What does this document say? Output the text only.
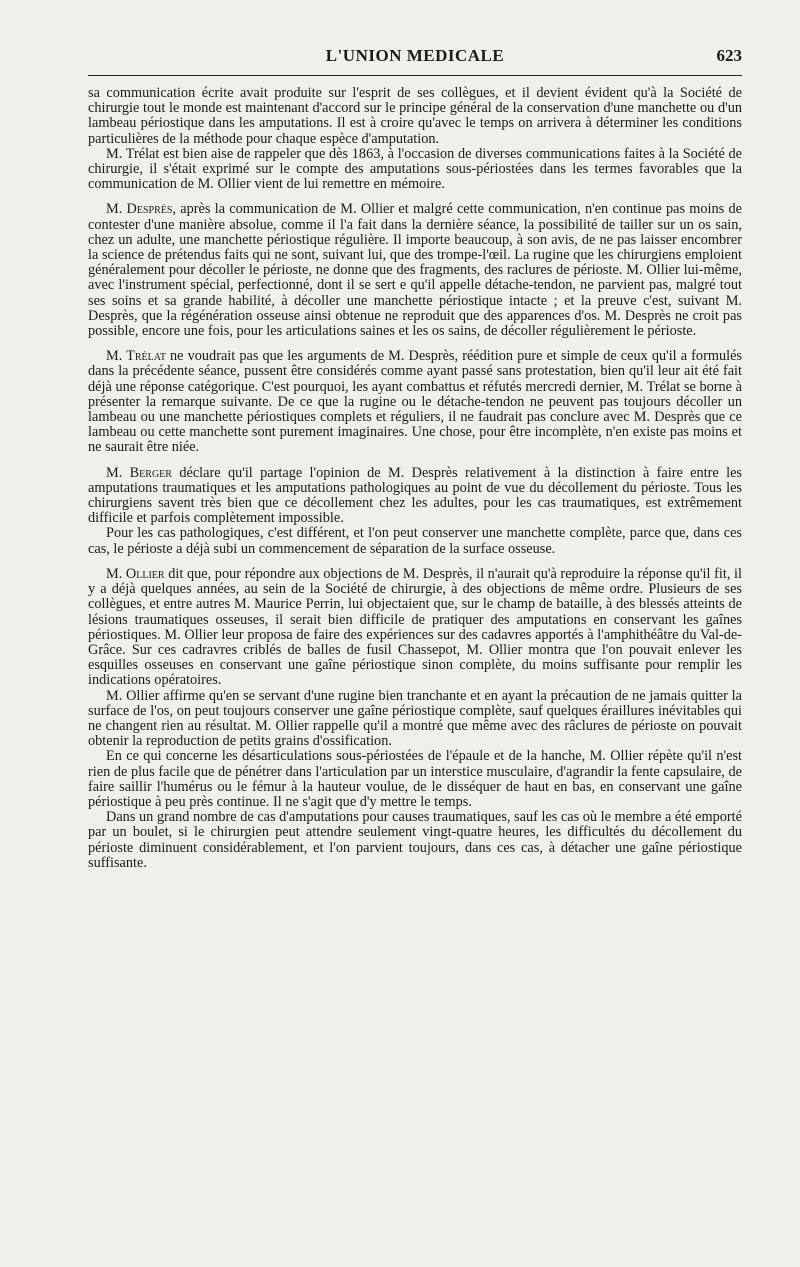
L'UNION MEDICALE	623

sa communication écrite avait produite sur l'esprit de ses collègues, et il devient évident qu'à la Société de chirurgie tout le monde est maintenant d'accord sur le principe général de la conservation d'une manchette ou d'un lambeau périostique dans les amputations. Il est à croire qu'avec le temps on arrivera à déterminer les conditions particulières de la méthode pour chaque espèce d'amputation.

M. Trélat est bien aise de rappeler que dès 1863, à l'occasion de diverses communications faites à la Société de chirurgie, il s'était exprimé sur le compte des amputations sous-périostées dans les termes favorables que la communication de M. Ollier vient de lui remettre en mémoire.

M. Desprès, après la communication de M. Ollier et malgré cette communication, n'en continue pas moins de contester d'une manière absolue, comme il l'a fait dans la dernière séance, la possibilité de tailler sur un os sain, chez un adulte, une manchette périostique régulière. Il importe beaucoup, à son avis, de ne pas laisser encombrer la science de prétendus faits qui ne sont, suivant lui, que des trompe-l'œil. La rugine que les chirurgiens emploient généralement pour décoller le périoste, ne donne que des fragments, des raclures de périoste. M. Ollier lui-même, avec l'instrument spécial, perfectionné, dont il se sert e qu'il appelle détache-tendon, ne parvient pas, malgré tout ses soins et sa grande habilité, à décoller une manchette périostique intacte ; et la preuve c'est, suivant M. Desprès, que la régénération osseuse ainsi obtenue ne reproduit que des apparences d'os. M. Desprès ne croit pas possible, encore une fois, pour les articulations saines et les os sains, de décoller régulièrement le périoste.

M. Trélat ne voudrait pas que les arguments de M. Desprès, réédition pure et simple de ceux qu'il a formulés dans la précédente séance, pussent être considérés comme ayant passé sans protestation, bien qu'il leur ait été fait déjà une réponse catégorique. C'est pourquoi, les ayant combattus et réfutés mercredi dernier, M. Trélat se borne à présenter la remarque suivante. De ce que la rugine ou le détache-tendon ne peuvent pas toujours décoller un lambeau ou une manchette périostiques complets et réguliers, il ne faudrait pas conclure avec M. Desprès que ce lambeau ou cette manchette sont purement imaginaires. Une chose, pour être incomplète, n'en existe pas moins et ne saurait être niée.

M. Berger déclare qu'il partage l'opinion de M. Desprès relativement à la distinction à faire entre les amputations traumatiques et les amputations pathologiques au point de vue du décollement du périoste. Tous les chirurgiens savent très bien que ce décollement chez les adultes, pour les cas traumatiques, est extrêmement difficile et parfois complètement impossible.

Pour les cas pathologiques, c'est différent, et l'on peut conserver une manchette complète, parce que, dans ces cas, le périoste a déjà subi un commencement de séparation de la surface osseuse.

M. Ollier dit que, pour répondre aux objections de M. Desprès, il n'aurait qu'à reproduire la réponse qu'il fit, il y a déjà quelques années, au sein de la Société de chirurgie, à des objections de même ordre. Plusieurs de ses collègues, et entre autres M. Maurice Perrin, lui objectaient que, sur le champ de bataille, à des blessés atteints de lésions traumatiques osseuses, il serait bien difficile de pratiquer des amputations en conservant les gaînes périostiques. M. Ollier leur proposa de faire des expériences sur des cadavres apportés à l'amphithéâtre du Val-de-Grâce. Sur ces cadravres criblés de balles de fusil Chassepot, M. Ollier montra que l'on pouvait enlever les esquilles osseuses en conservant une gaîne périostique sinon complète, du moins suffisante pour remplir les indications opératoires.

M. Ollier affirme qu'en se servant d'une rugine bien tranchante et en ayant la précaution de ne jamais quitter la surface de l'os, on peut toujours conserver une gaîne périostique complète, sauf quelques éraillures inévitables qui ne changent rien au résultat. M. Ollier rappelle qu'il a montré que même avec des râclures de périoste on pouvait obtenir la reproduction de petits grains d'ossification.

En ce qui concerne les désarticulations sous-périostées de l'épaule et de la hanche, M. Ollier répète qu'il n'est rien de plus facile que de pénétrer dans l'articulation par un interstice musculaire, d'agrandir la fente capsulaire, de faire saillir l'humérus ou le fémur à la hauteur voulue, de le disséquer de haut en bas, en conservant une gaîne périostique à peu près continue. Il ne s'agit que d'y mettre le temps.

Dans un grand nombre de cas d'amputations pour causes traumatiques, sauf les cas où le membre a été emporté par un boulet, si le chirurgien peut attendre seulement vingt-quatre heures, les difficultés du décollement du périoste diminuent considérablement, et l'on parvient toujours, dans ces cas, à détacher une gaîne périostique suffisante.
